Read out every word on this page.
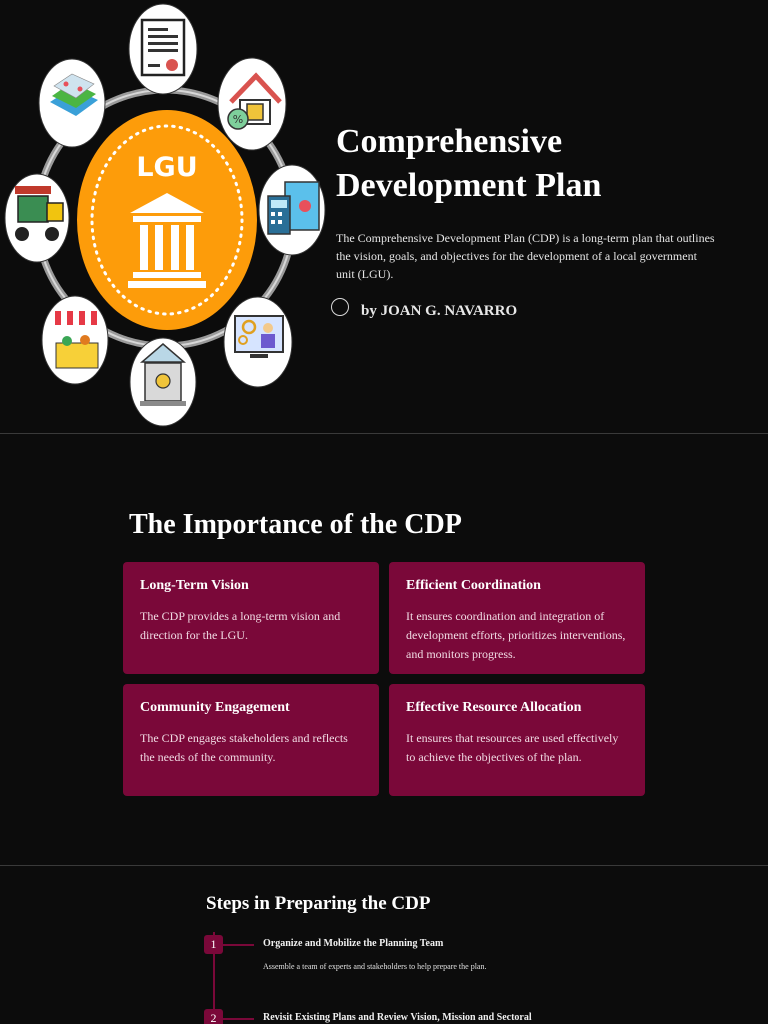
LGU
%
Comprehensive
Development Plan

The Comprehensive Development Plan (CDP) is a long-term plan that outlines the vision, goals, and objectives for the development of a local government unit (LGU).

by JOAN G. NAVARRO
The Importance of the CDP
Long-Term Vision

The CDP provides a long-term vision and direction for the LGU.

Efficient Coordination

It ensures coordination and integration of development efforts, prioritizes interventions, and monitors progress.

Community Engagement

The CDP engages stakeholders and reflects the needs of the community.

Effective Resource Allocation

It ensures that resources are used effectively to achieve the objectives of the plan.

Steps in Preparing the CDP
1	Organize and Mobilize the Planning Team
Assemble a team of experts and stakeholders to help prepare the plan.
2	Revisit Existing Plans and Review Vision, Mission and Sectoral
